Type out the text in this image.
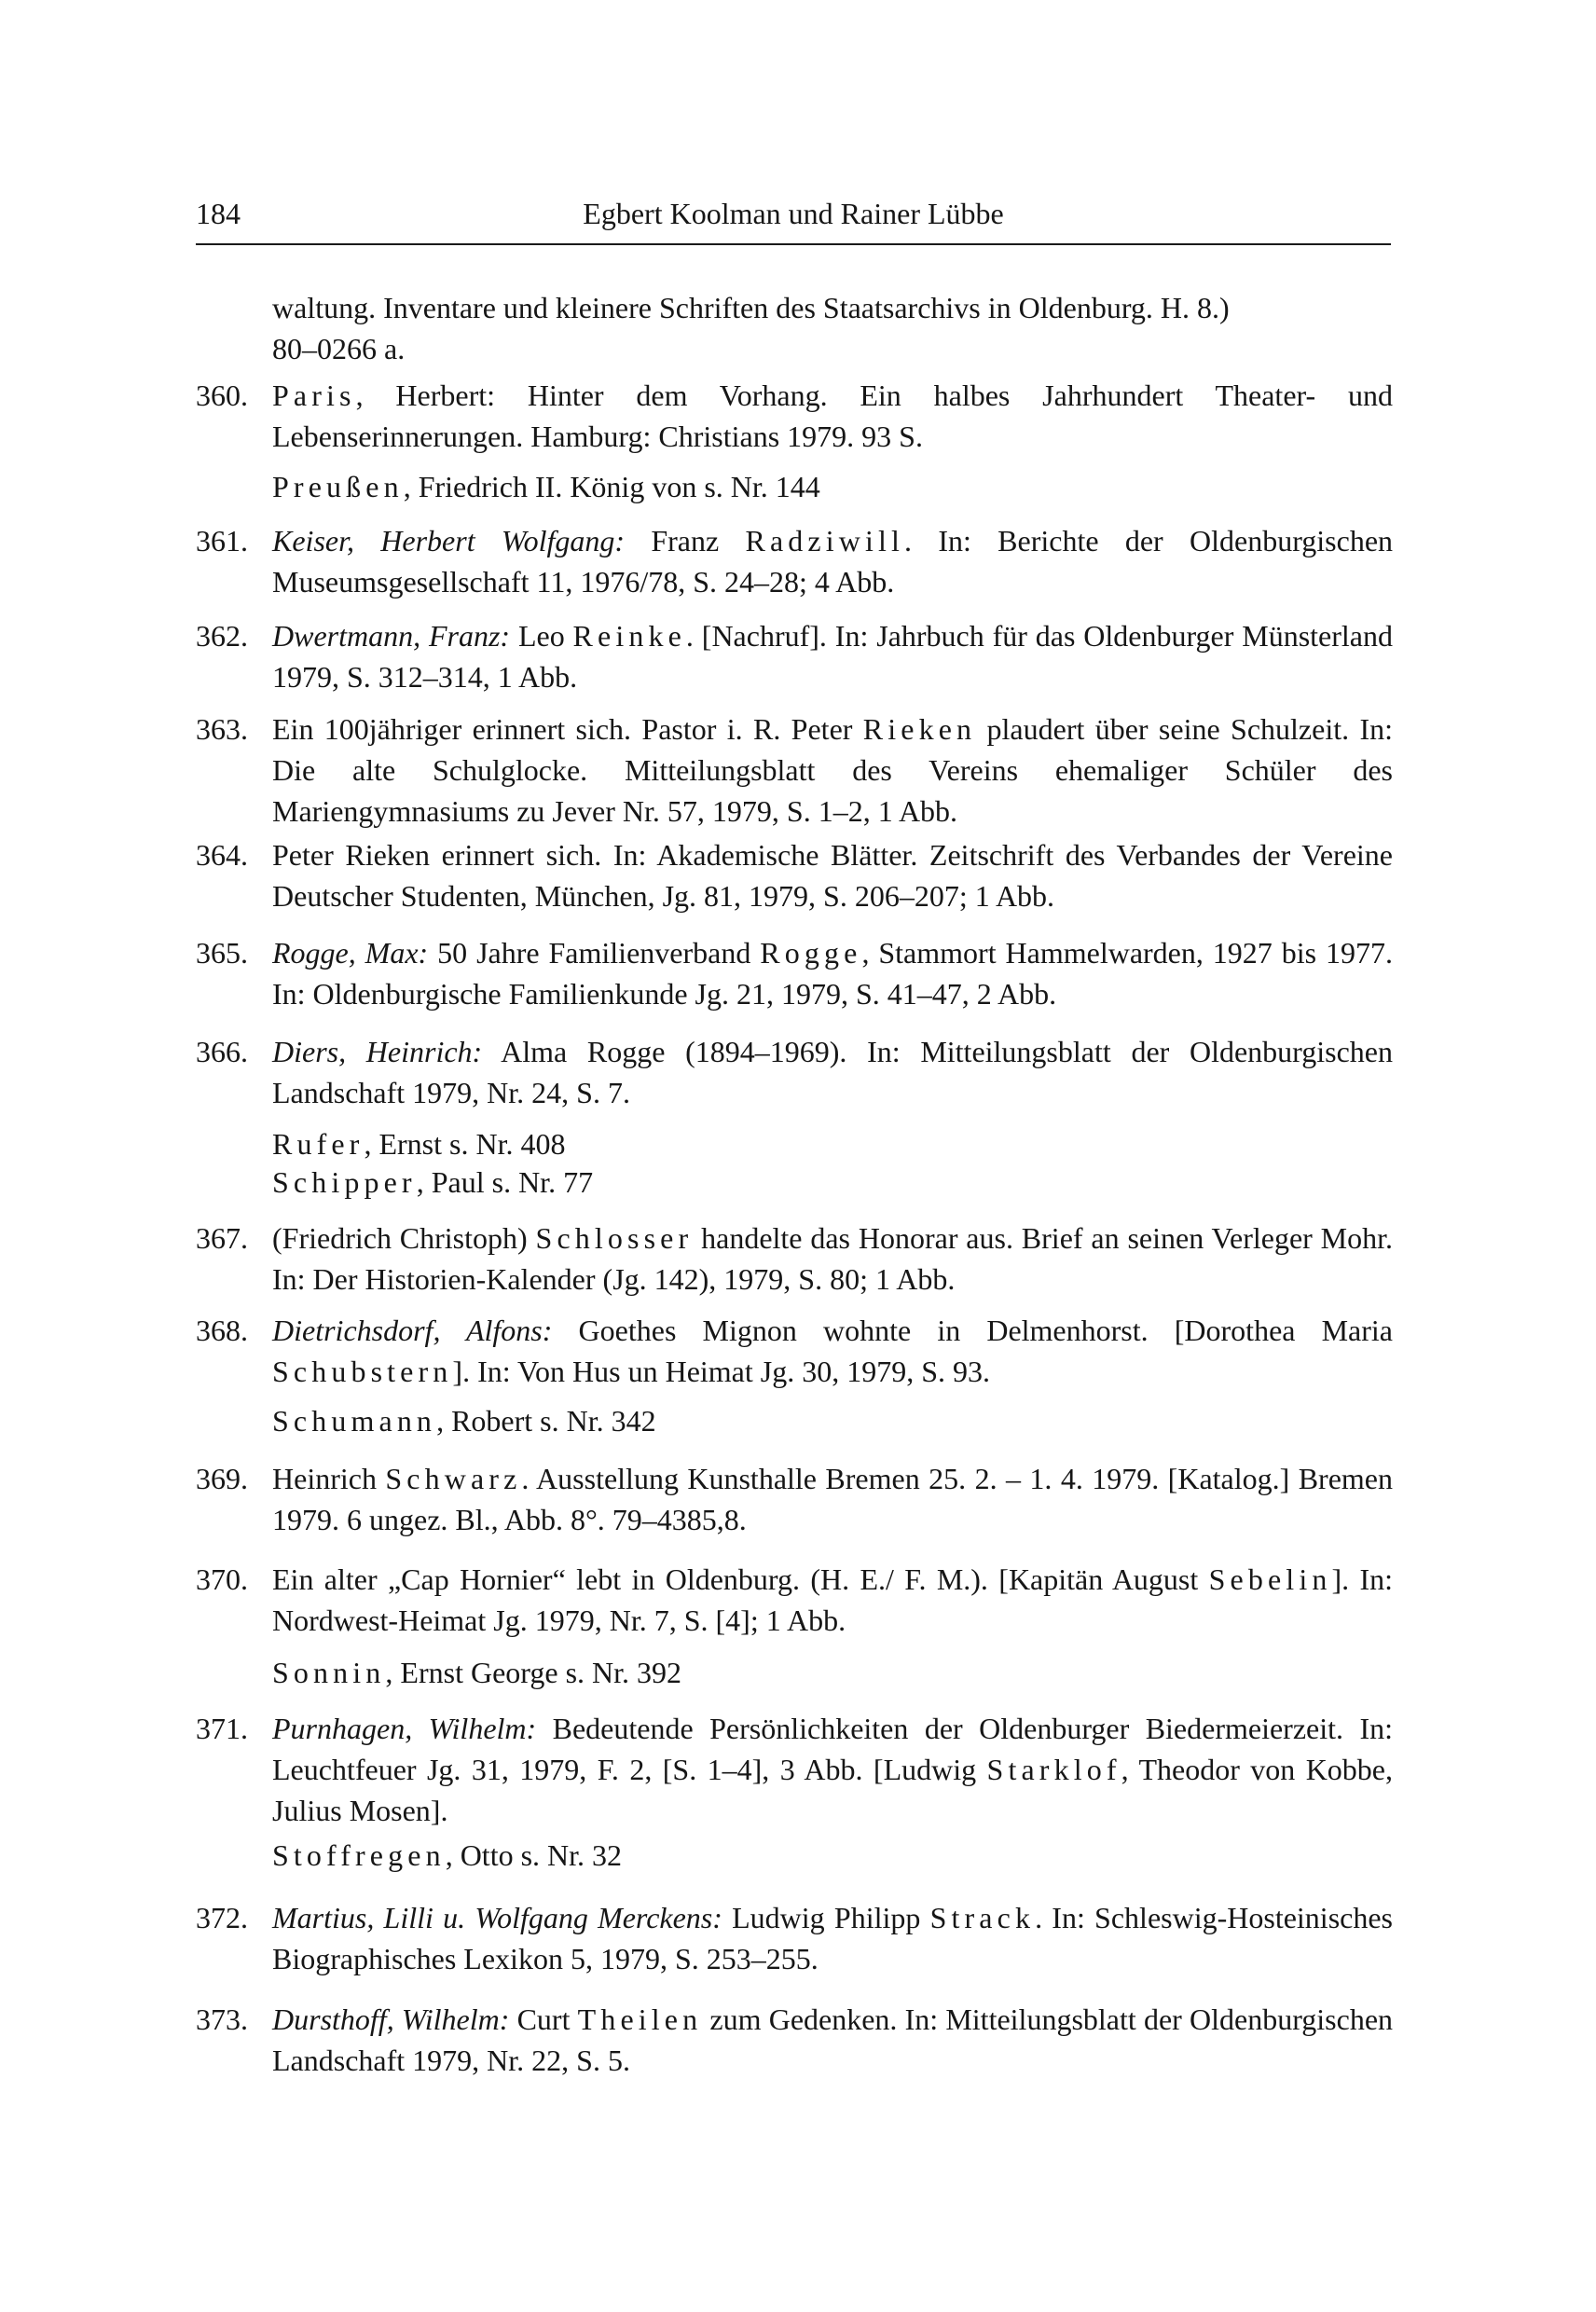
184	Egbert Koolman und Rainer Lübbe
waltung. Inventare und kleinere Schriften des Staatsarchivs in Oldenburg. H. 8.)
80–0266 a.
360. Paris, Herbert: Hinter dem Vorhang. Ein halbes Jahrhundert Theater- und Lebenserinnerungen. Hamburg: Christians 1979. 93 S.
Preußen, Friedrich II. König von s. Nr. 144
361. Keiser, Herbert Wolfgang: Franz Radziwill. In: Berichte der Oldenburgischen Museumsgesellschaft 11, 1976/78, S. 24–28; 4 Abb.
362. Dwertmann, Franz: Leo Reinke. [Nachruf]. In: Jahrbuch für das Oldenburger Münsterland 1979, S. 312–314, 1 Abb.
363. Ein 100jähriger erinnert sich. Pastor i. R. Peter Rieken plaudert über seine Schulzeit. In: Die alte Schulglocke. Mitteilungsblatt des Vereins ehemaliger Schüler des Mariengymnasiums zu Jever Nr. 57, 1979, S. 1–2, 1 Abb.
364. Peter Rieken erinnert sich. In: Akademische Blätter. Zeitschrift des Verbandes der Vereine Deutscher Studenten, München, Jg. 81, 1979, S. 206–207; 1 Abb.
365. Rogge, Max: 50 Jahre Familienverband Rogge, Stammort Hammelwarden, 1927 bis 1977. In: Oldenburgische Familienkunde Jg. 21, 1979, S. 41–47, 2 Abb.
366. Diers, Heinrich: Alma Rogge (1894–1969). In: Mitteilungsblatt der Oldenburgischen Landschaft 1979, Nr. 24, S. 7.
Rufer, Ernst s. Nr. 408
Schipper, Paul s. Nr. 77
367. (Friedrich Christoph) Schlosser handelte das Honorar aus. Brief an seinen Verleger Mohr. In: Der Historien-Kalender (Jg. 142), 1979, S. 80; 1 Abb.
368. Dietrichsdorf, Alfons: Goethes Mignon wohnte in Delmenhorst. [Dorothea Maria Schubstern]. In: Von Hus un Heimat Jg. 30, 1979, S. 93.
Schumann, Robert s. Nr. 342
369. Heinrich Schwarz. Ausstellung Kunsthalle Bremen 25. 2. – 1. 4. 1979. [Katalog.] Bremen 1979. 6 ungez. Bl., Abb. 8°. 79–4385,8.
370. Ein alter „Cap Hornier“ lebt in Oldenburg. (H. E./ F. M.). [Kapitän August Sebelin]. In: Nordwest-Heimat Jg. 1979, Nr. 7, S. [4]; 1 Abb.
Sonnin, Ernst George s. Nr. 392
371. Purnhagen, Wilhelm: Bedeutende Persönlichkeiten der Oldenburger Biedermeierzeit. In: Leuchtfeuer Jg. 31, 1979, F. 2, [S. 1–4], 3 Abb. [Ludwig Starklof, Theodor von Kobbe, Julius Mosen].
Stoffregen, Otto s. Nr. 32
372. Martius, Lilli u. Wolfgang Merckens: Ludwig Philipp Strack. In: Schleswig-Hosteinisches Biographisches Lexikon 5, 1979, S. 253–255.
373. Dursthoff, Wilhelm: Curt Theilen zum Gedenken. In: Mitteilungsblatt der Oldenburgischen Landschaft 1979, Nr. 22, S. 5.
